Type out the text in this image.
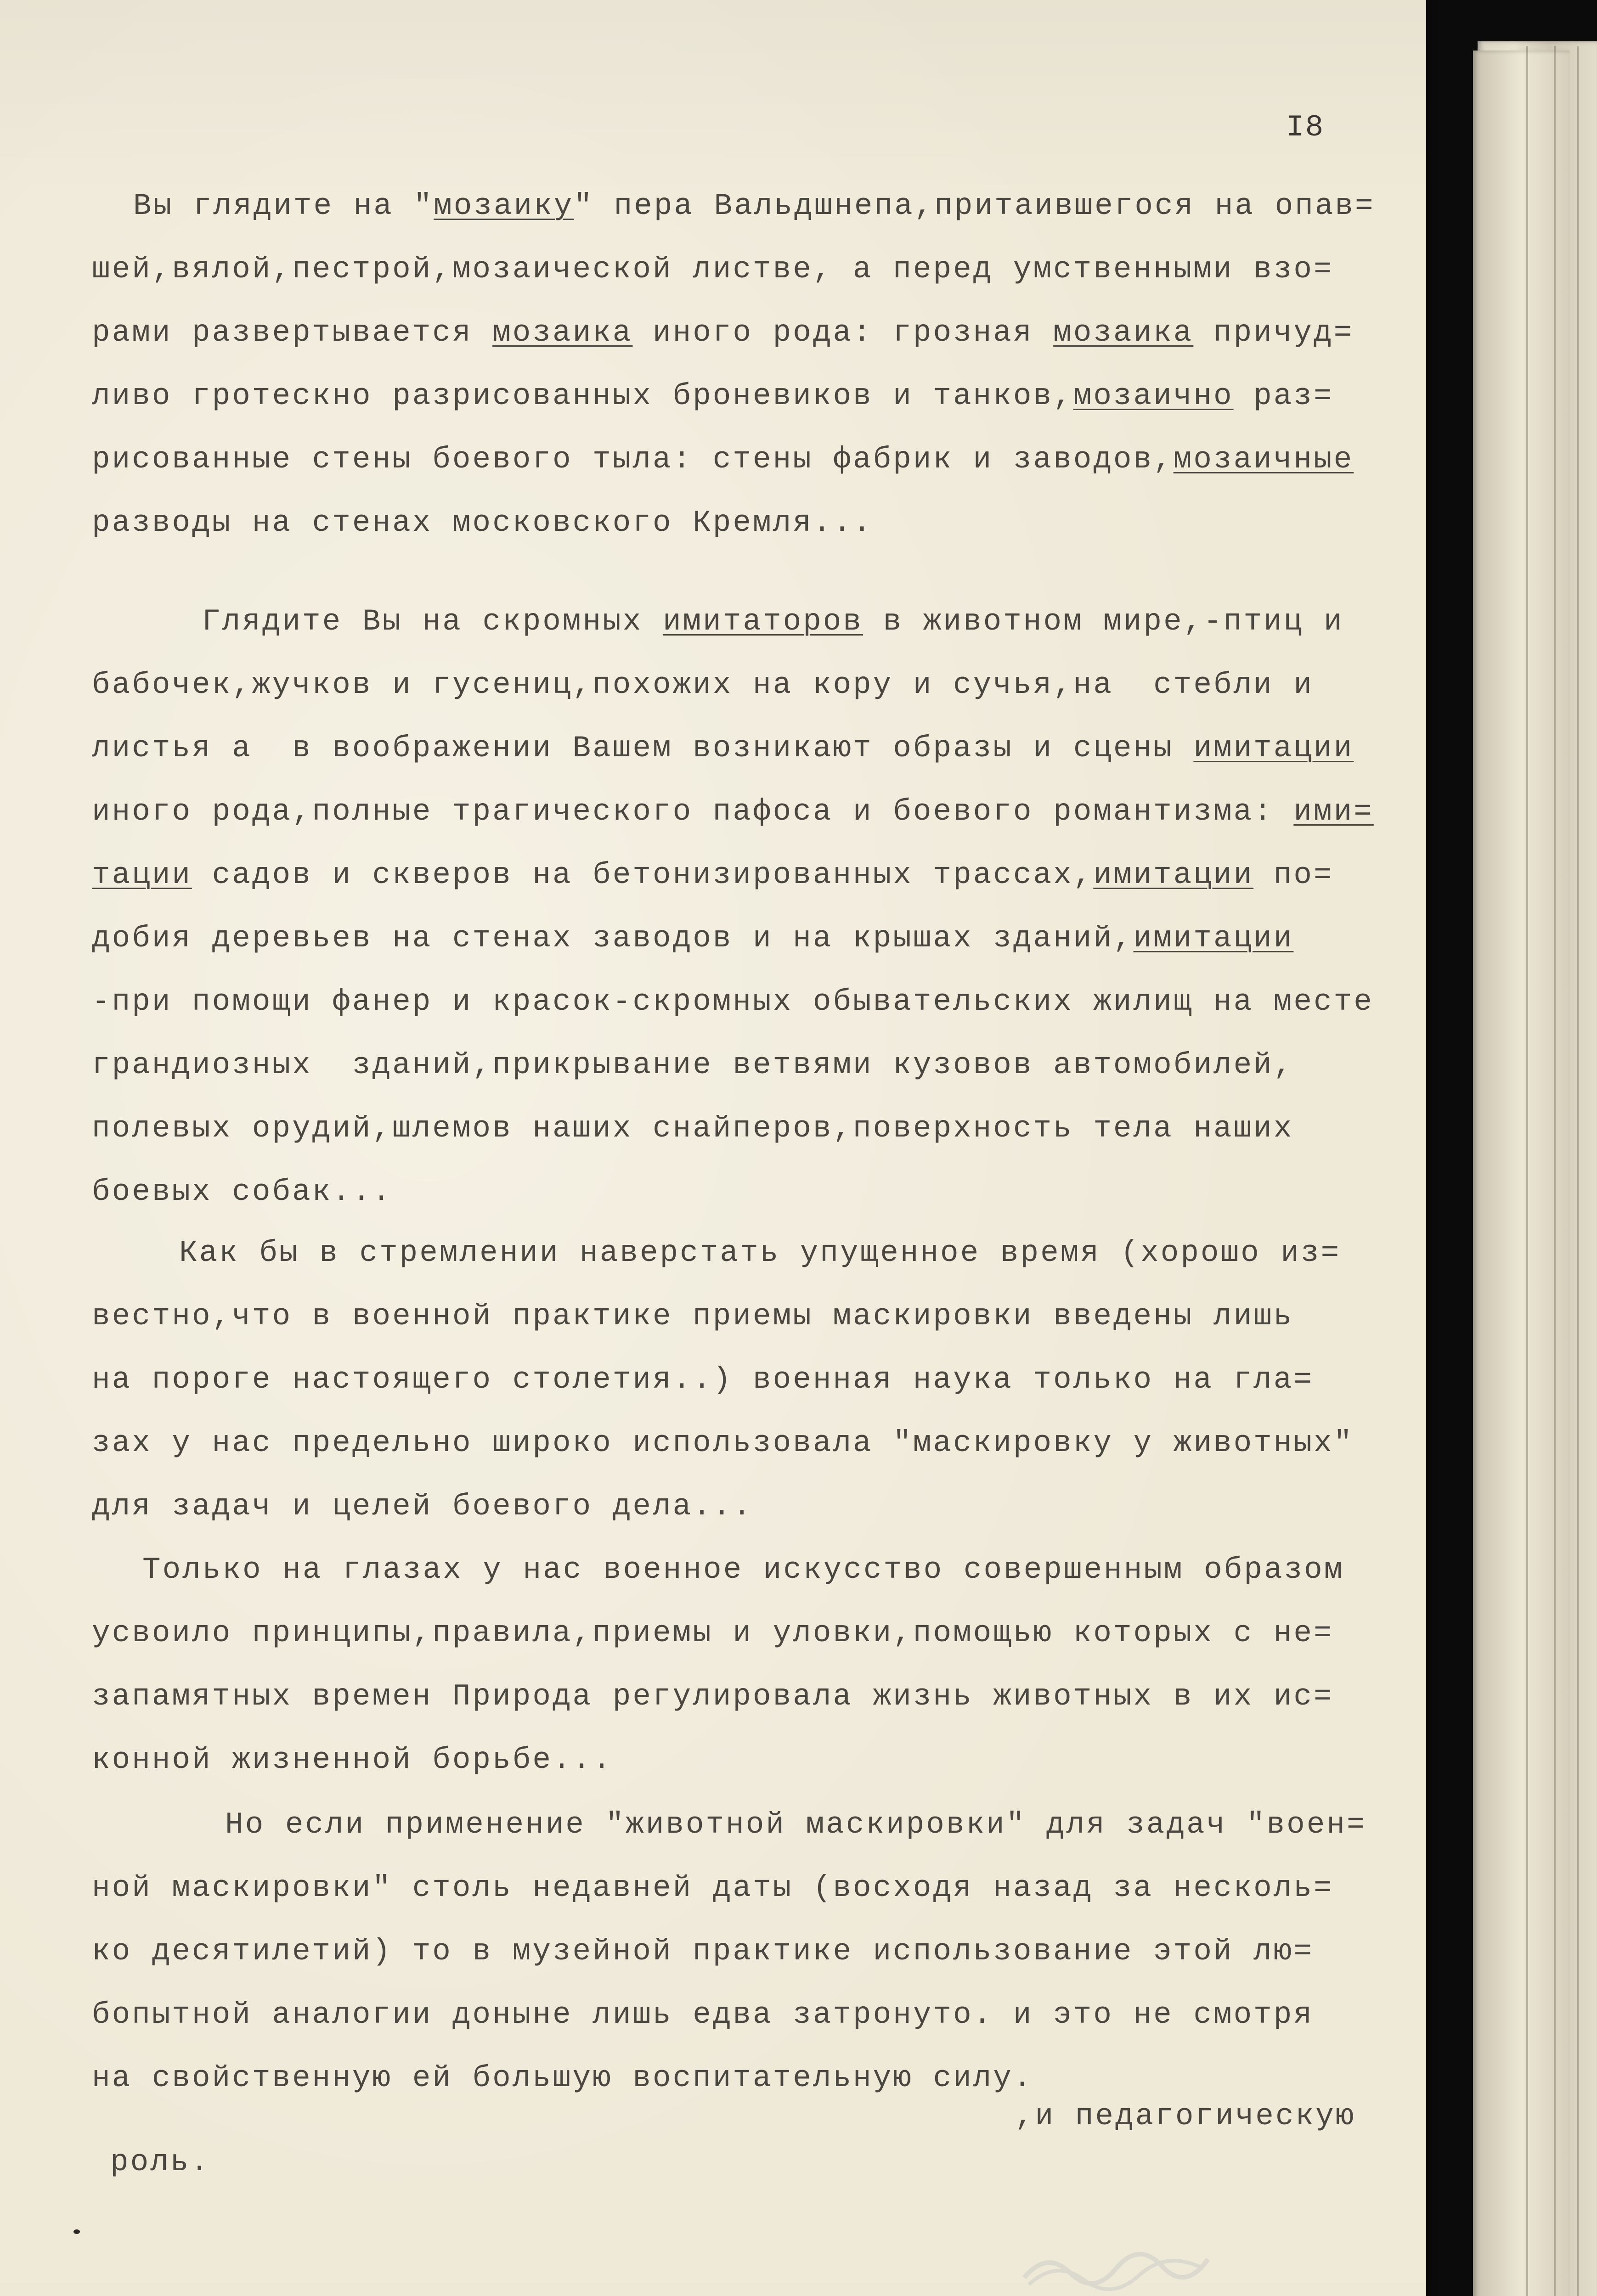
I8
Вы глядите на "мозаику" пера Вальдшнепа,притаившегося на опав=
шей,вялой,пестрой,мозаической листве, а перед умственными взо=
рами развертывается мозаика иного рода: грозная мозаика причуд=
ливо гротескно разрисованных броневиков и танков,мозаично раз=
рисованные стены боевого тыла: стены фабрик и заводов,мозаичные
разводы на стенах московского Кремля...
Глядите Вы на скромных имитаторов в животном мире,-птиц и
бабочек,жучков и гусениц,похожих на кору и сучья,на  стебли и
листья а  в воображении Вашем возникают образы и сцены имитации
иного рода,полные трагического пафоса и боевого романтизма: ими=
тации садов и скверов на бетонизированных трассах,имитации по=
добия деревьев на стенах заводов и на крышах зданий,имитации
-при помощи фанер и красок-скромных обывательских жилищ на месте
грандиозных  зданий,прикрывание ветвями кузовов автомобилей,
полевых орудий,шлемов наших снайперов,поверхность тела наших
боевых собак...
Как бы в стремлении наверстать упущенное время (хорошо из=
вестно,что в военной практике приемы маскировки введены лишь
на пороге настоящего столетия..) военная наука только на гла=
зах у нас предельно широко использовала "маскировку у животных"
для задач и целей боевого дела...
Только на глазах у нас военное искусство совершенным образом
усвоило принципы,правила,приемы и уловки,помощью которых с не=
запамятных времен Природа регулировала жизнь животных в их ис=
конной жизненной борьбе...
Но если применение "животной маскировки" для задач "воен=
ной маскировки" столь недавней даты (восходя назад за несколь=
ко десятилетий) то в музейной практике использование этой лю=
бопытной аналогии доныне лишь едва затронуто. и это не смотря
на свойственную ей большую воспитательную силу.
,и педагогическую
роль.
